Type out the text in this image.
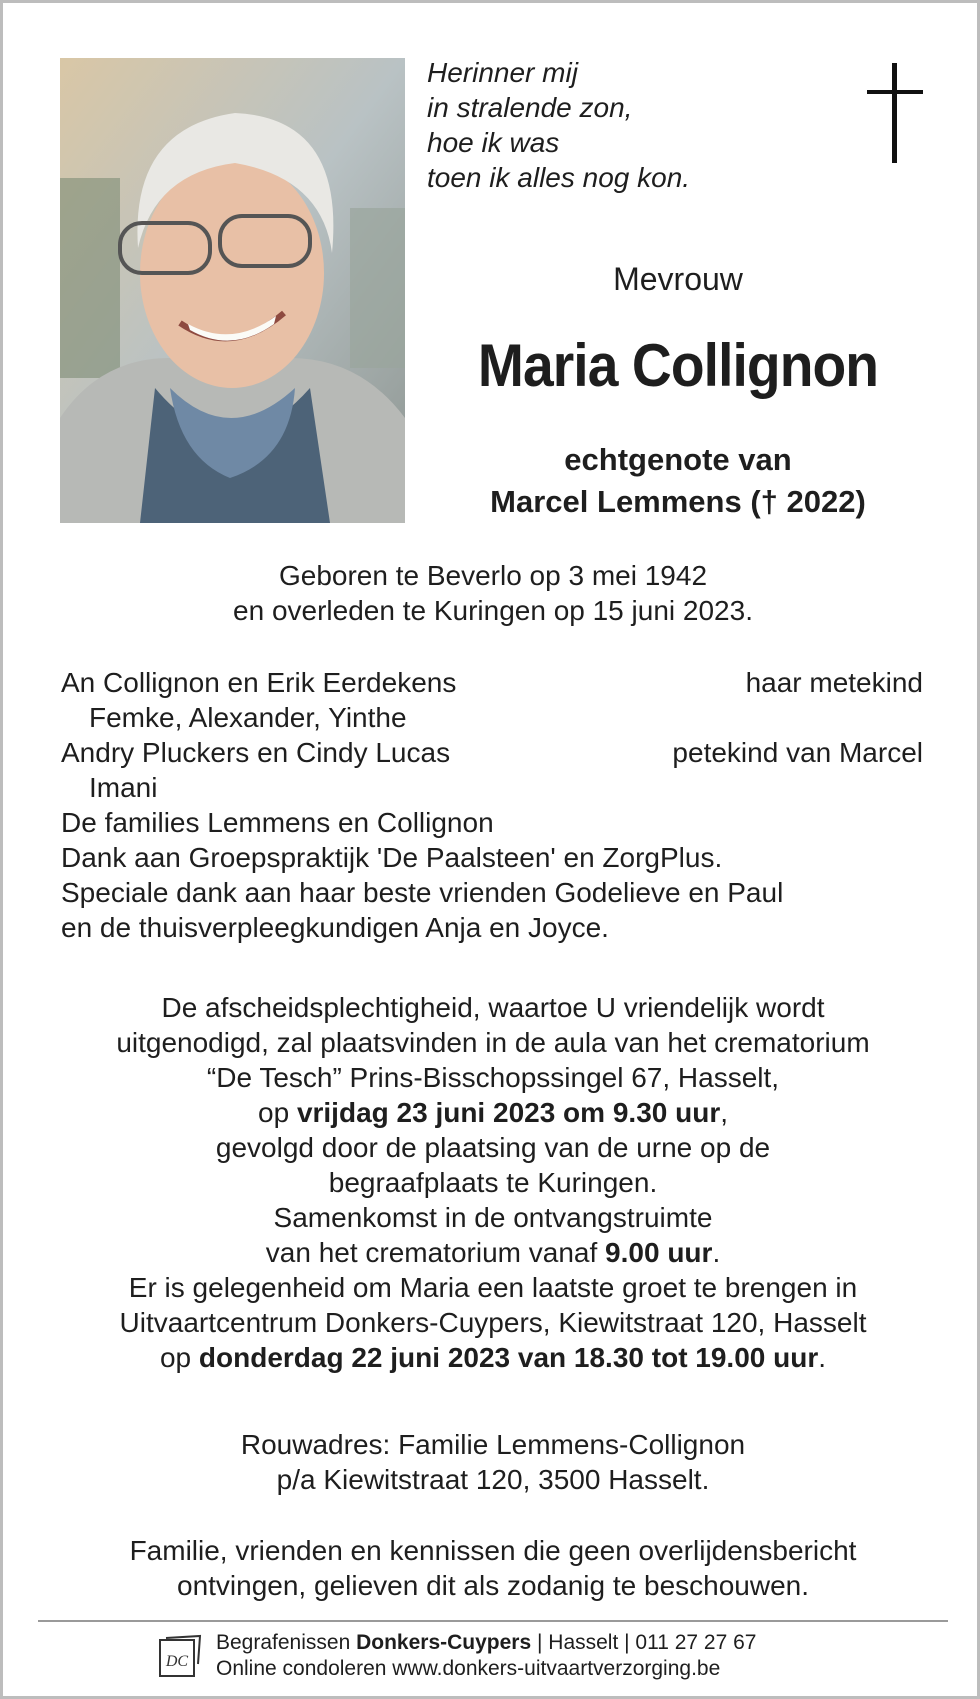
Herinner mij
in stralende zon,
hoe ik was
toen ik alles nog kon.
Mevrouw
Maria Collignon
echtgenote van
Marcel Lemmens († 2022)
Geboren te Beverlo op 3 mei 1942
en overleden te Kuringen op 15 juni 2023.
An Collignon en Erik Eerdekens	haar metekind
Femke, Alexander, Yinthe
Andry Pluckers en Cindy Lucas	petekind van Marcel
Imani
De families Lemmens en Collignon
Dank aan Groepspraktijk 'De Paalsteen' en ZorgPlus.
Speciale dank aan haar beste vrienden Godelieve en Paul
en de thuisverpleegkundigen Anja en Joyce.
De afscheidsplechtigheid, waartoe U vriendelijk wordt
uitgenodigd, zal plaatsvinden in de aula van het crematorium
“De Tesch” Prins-Bisschopssingel 67, Hasselt,
op vrijdag 23 juni 2023 om 9.30 uur,
gevolgd door de plaatsing van de urne op de
begraafplaats te Kuringen.
Samenkomst in de ontvangstruimte
van het crematorium vanaf 9.00 uur.
Er is gelegenheid om Maria een laatste groet te brengen in
Uitvaartcentrum Donkers-Cuypers, Kiewitstraat 120, Hasselt
op donderdag 22 juni 2023 van 18.30 tot 19.00 uur.
Rouwadres: Familie Lemmens-Collignon
p/a Kiewitstraat 120, 3500 Hasselt.
Familie, vrienden en kennissen die geen overlijdensbericht
ontvingen, gelieven dit als zodanig te beschouwen.
DC
Begrafenissen Donkers-Cuypers | Hasselt | 011 27 27 67
Online condoleren www.donkers-uitvaartverzorging.be
